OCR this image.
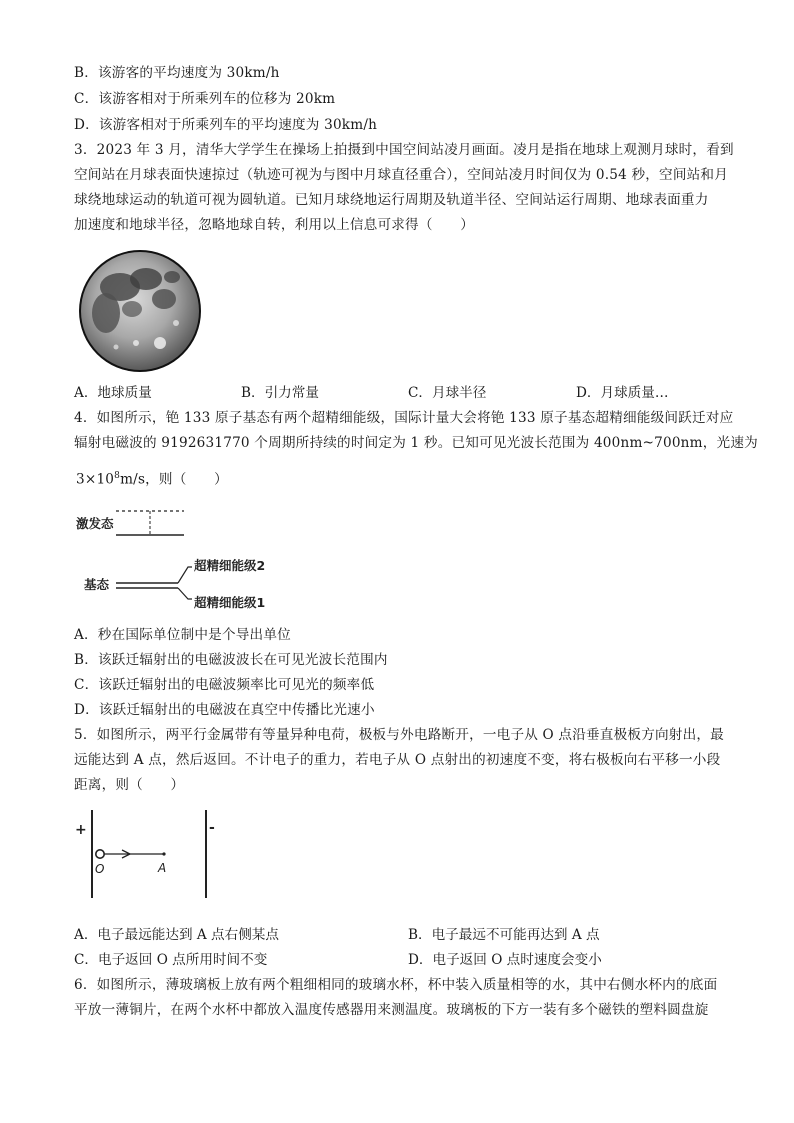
B．该游客的平均速度为 30km/h
C．该游客相对于所乘列车的位移为 20km
D．该游客相对于所乘列车的平均速度为 30km/h
3．2023 年 3 月，清华大学学生在操场上拍摄到中国空间站凌月画面。凌月是指在地球上观测月球时，看到
空间站在月球表面快速掠过（轨迹可视为与图中月球直径重合），空间站凌月时间仅为 0.54 秒，空间站和月
球绕地球运动的轨道可视为圆轨道。已知月球绕地运行周期及轨道半径、空间站运行周期、地球表面重力
加速度和地球半径，忽略地球自转，利用以上信息可求得（　　）
A．地球质量	B．引力常量	C．月球半径	D．月球质量…
4．如图所示，铯 133 原子基态有两个超精细能级，国际计量大会将铯 133 原子基态超精细能级间跃迁对应
辐射电磁波的 9192631770 个周期所持续的时间定为 1 秒。已知可见光波长范围为 400nm~700nm，光速为
$3\times 10^8m/s$，则（　　）
激发态
基态
超精细能级2
超精细能级1
A．秒在国际单位制中是个导出单位
B．该跃迁辐射出的电磁波波长在可见光波长范围内
C．该跃迁辐射出的电磁波频率比可见光的频率低
D．该跃迁辐射出的电磁波在真空中传播比光速小
5．如图所示，两平行金属带有等量异种电荷，极板与外电路断开，一电子从 O 点沿垂直极板方向射出，最
远能达到 A 点，然后返回。不计电子的重力，若电子从 O 点射出的初速度不变，将右极板向右平移一小段
距离，则（　　）
+	-
O	A
A．电子最远能达到 A 点右侧某点	B．电子最远不可能再达到 A 点
C．电子返回 O 点所用时间不变	D．电子返回 O 点时速度会变小
6．如图所示，薄玻璃板上放有两个粗细相同的玻璃水杯，杯中装入质量相等的水，其中右侧水杯内的底面
平放一薄铜片，在两个水杯中都放入温度传感器用来测温度。玻璃板的下方一装有多个磁铁的塑料圆盘旋
